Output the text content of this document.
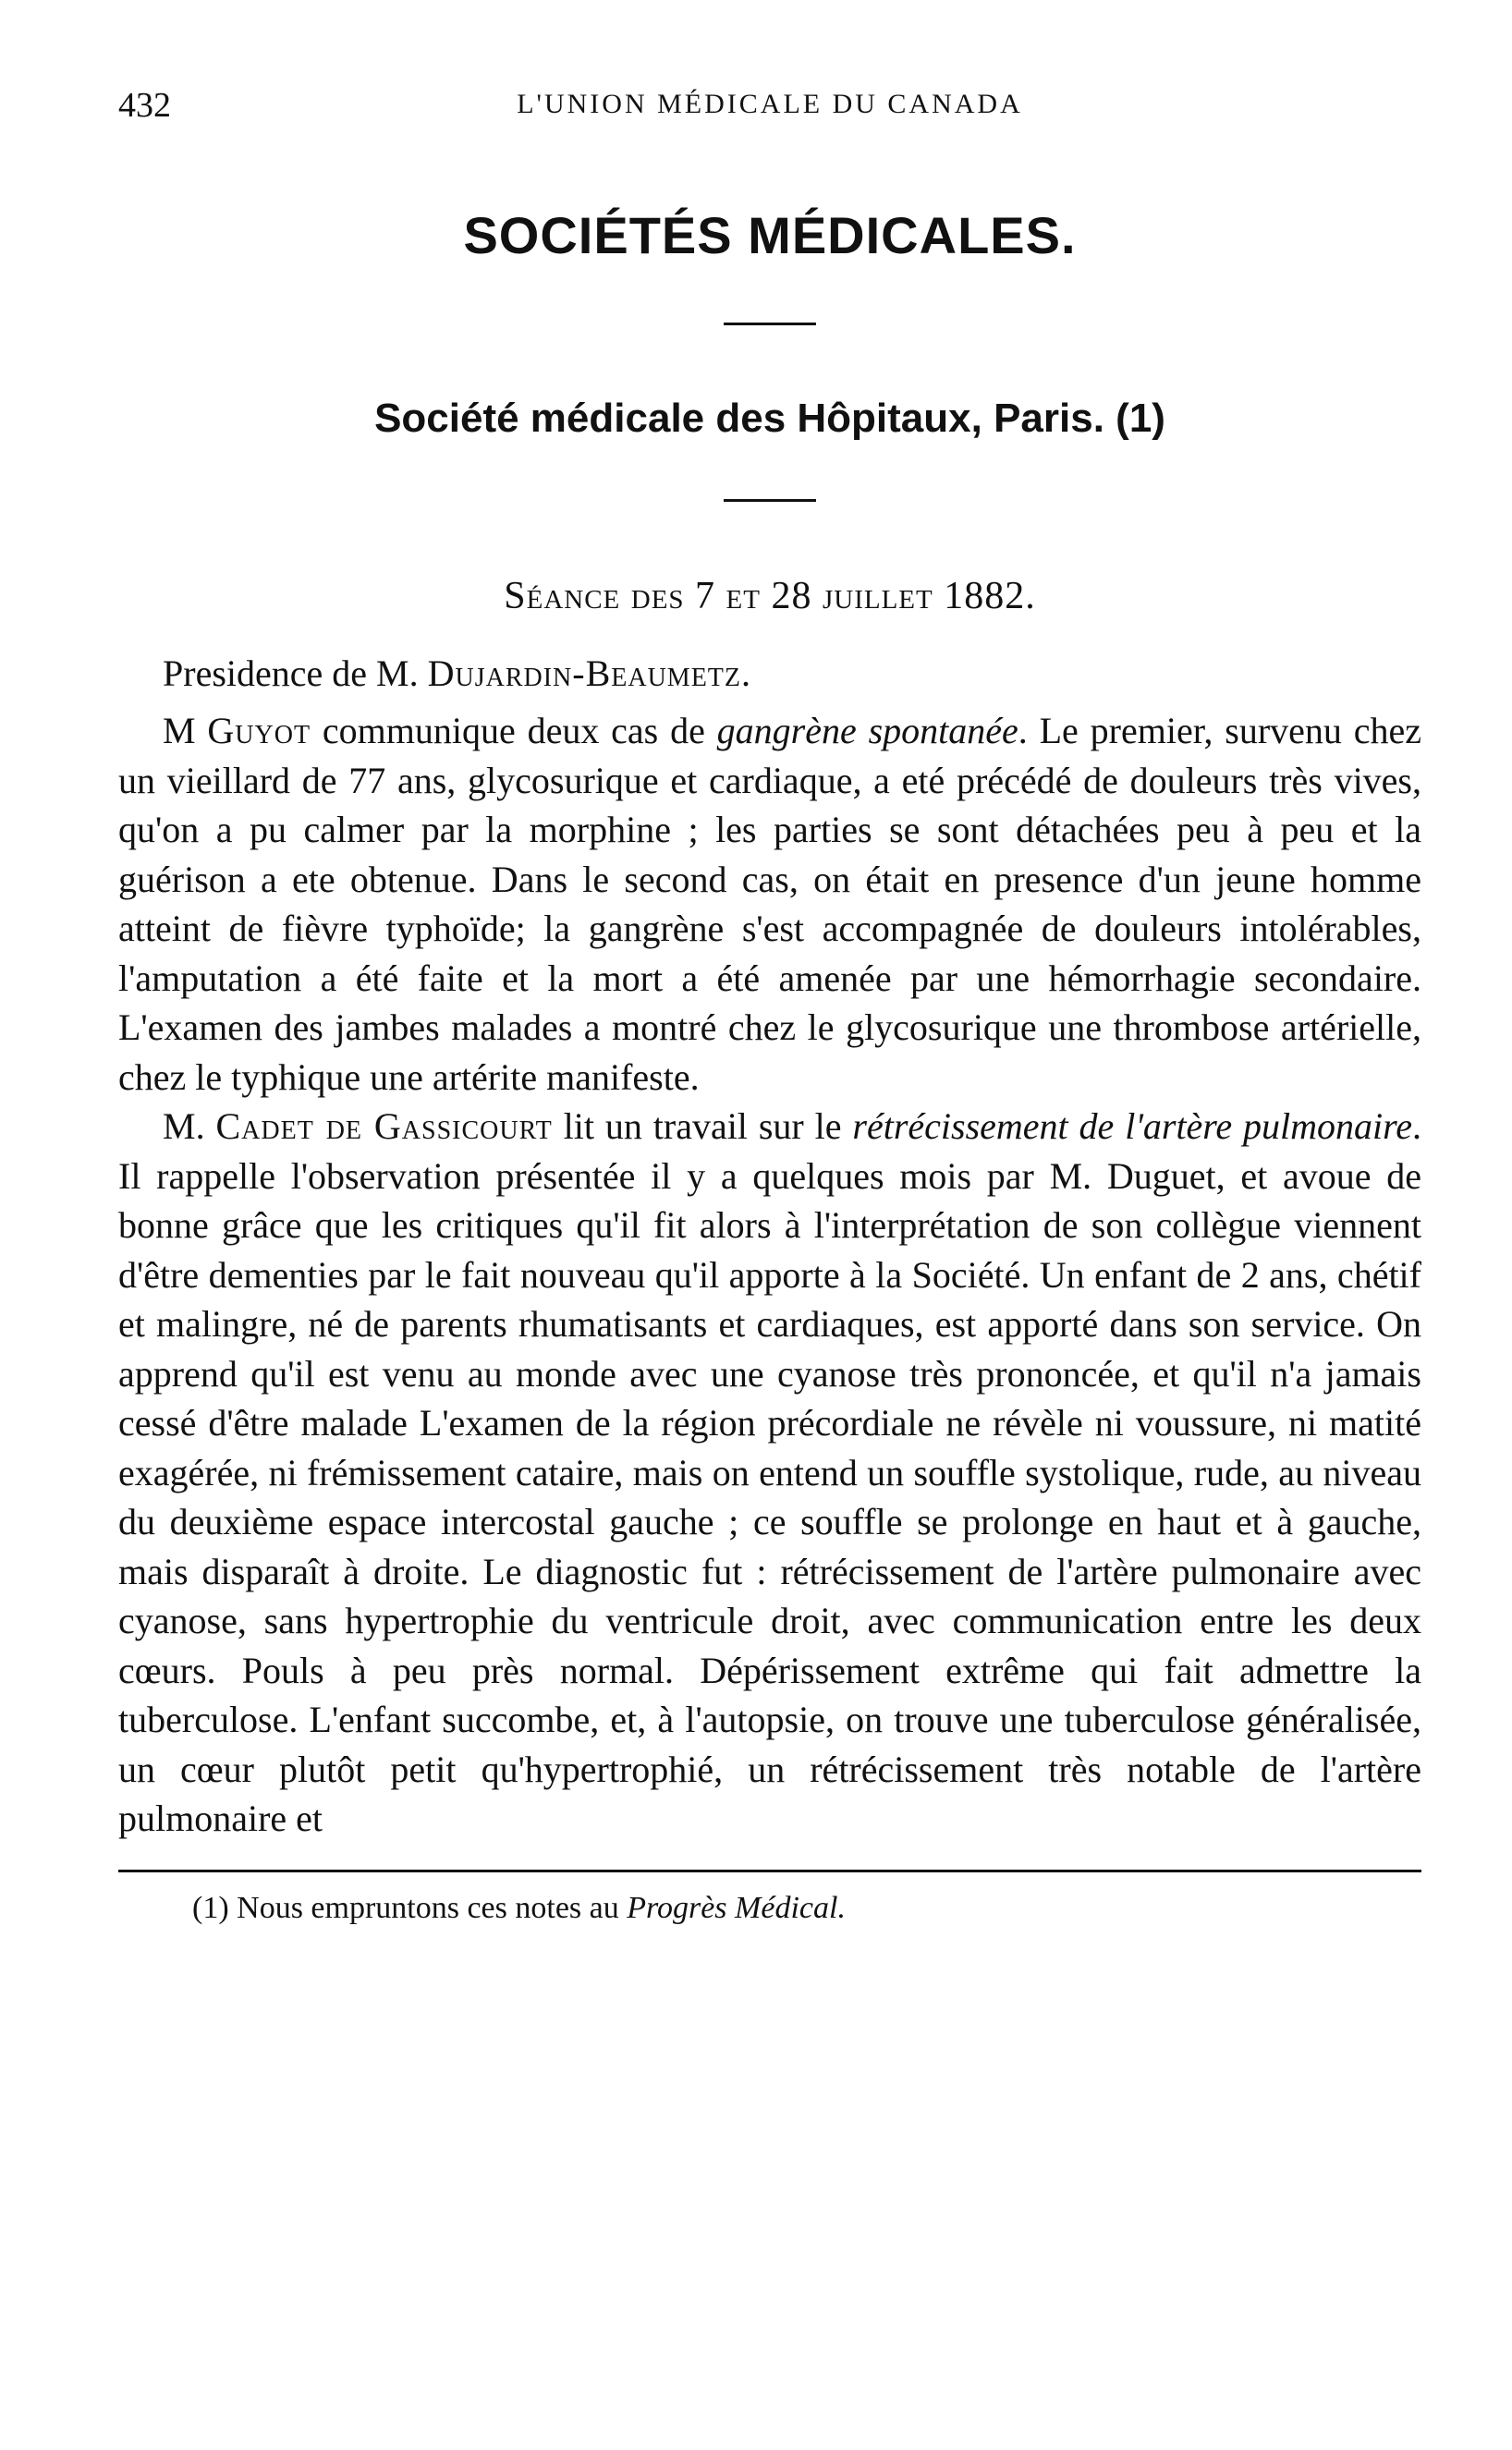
432	L'UNION MÉDICALE DU CANADA
SOCIÉTÉS MÉDICALES.
Société médicale des Hôpitaux, Paris. (1)
Séance des 7 et 28 juillet 1882.
Presidence de M. Dujardin-Beaumetz.

M Guyot communique deux cas de gangrène spontanée. Le premier, survenu chez un vieillard de 77 ans, glycosurique et cardiaque, a eté précédé de douleurs très vives, qu'on a pu calmer par la morphine ; les parties se sont détachées peu à peu et la guérison a ete obtenue. Dans le second cas, on était en presence d'un jeune homme atteint de fièvre typhoïde; la gangrène s'est accompagnée de douleurs intolérables, l'amputation a été faite et la mort a été amenée par une hémorrhagie secondaire. L'examen des jambes malades a montré chez le glycosurique une thrombose artérielle, chez le typhique une artérite manifeste.

M. Cadet de Gassicourt lit un travail sur le rétrécissement de l'artère pulmonaire. Il rappelle l'observation présentée il y a quelques mois par M. Duguet, et avoue de bonne grâce que les critiques qu'il fit alors à l'interprétation de son collègue viennent d'être dementies par le fait nouveau qu'il apporte à la Société. Un enfant de 2 ans, chétif et malingre, né de parents rhumatisants et cardiaques, est apporté dans son service. On apprend qu'il est venu au monde avec une cyanose très prononcée, et qu'il n'a jamais cessé d'être malade L'examen de la région précordiale ne révèle ni voussure, ni matité exagérée, ni frémissement cataire, mais on entend un souffle systolique, rude, au niveau du deuxième espace intercostal gauche ; ce souffle se prolonge en haut et à gauche, mais disparaît à droite. Le diagnostic fut : rétrécissement de l'artère pulmonaire avec cyanose, sans hypertrophie du ventricule droit, avec communication entre les deux cœurs. Pouls à peu près normal. Dépérissement extrême qui fait admettre la tuberculose. L'enfant succombe, et, à l'autopsie, on trouve une tuberculose généralisée, un cœur plutôt petit qu'hypertrophié, un rétrécissement très notable de l'artère pulmonaire et

(1) Nous empruntons ces notes au Progrès Médical.
